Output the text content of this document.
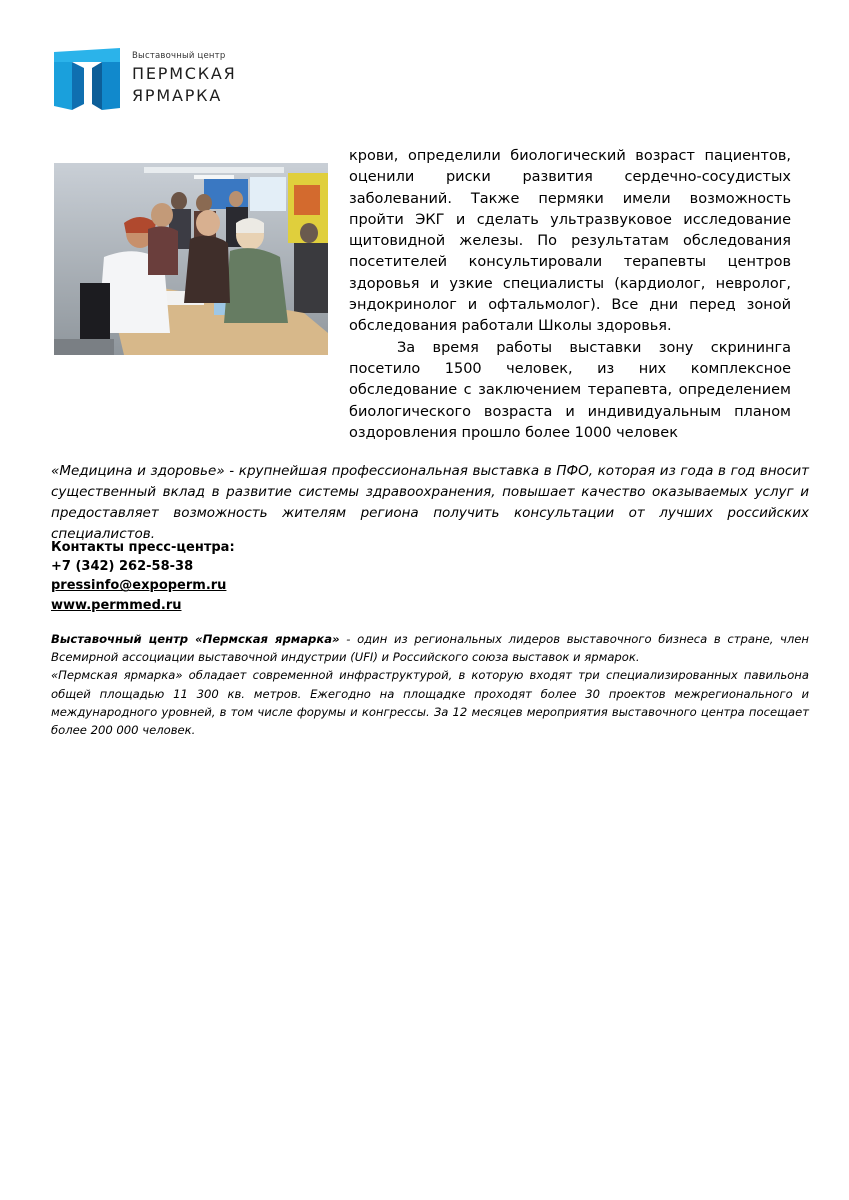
Выставочный центр
ПЕРМСКАЯ
ЯРМАРКА

крови, определили биологический возраст пациентов, оценили риски развития сердечно-сосудистых заболеваний. Также пермяки имели возможность пройти ЭКГ и сделать ультразвуковое исследование щитовидной железы. По результатам обследования посетителей консультировали терапевты центров здоровья и узкие специалисты (кардиолог, невролог, эндокринолог и офтальмолог). Все дни перед зоной обследования работали Школы здоровья.

За время работы выставки зону скрининга посетило 1500 человек, из них комплексное обследование с заключением терапевта, определением биологического возраста и индивидуальным планом оздоровления прошло более 1000 человек

«Медицина и здоровье» - крупнейшая профессиональная выставка в ПФО, которая из года в год вносит существенный вклад в развитие системы здравоохранения, повышает качество оказываемых услуг и предоставляет возможность жителям региона получить консультации от лучших российских специалистов.
Контакты пресс-центра:
+7 (342) 262-58-38
pressinfo@expoperm.ru
www.permmed.ru

Выставочный центр «Пермская ярмарка» - один из региональных лидеров выставочного бизнеса в стране, член Всемирной ассоциации выставочной индустрии (UFI) и Российского союза выставок и ярмарок.

«Пермская ярмарка» обладает современной инфраструктурой, в которую входят три специализированных павильона общей площадью 11 300 кв. метров. Ежегодно на площадке проходят более 30 проектов межрегионального и международного уровней, в том числе форумы и конгрессы. За 12 месяцев мероприятия выставочного центра посещает более 200 000 человек.
